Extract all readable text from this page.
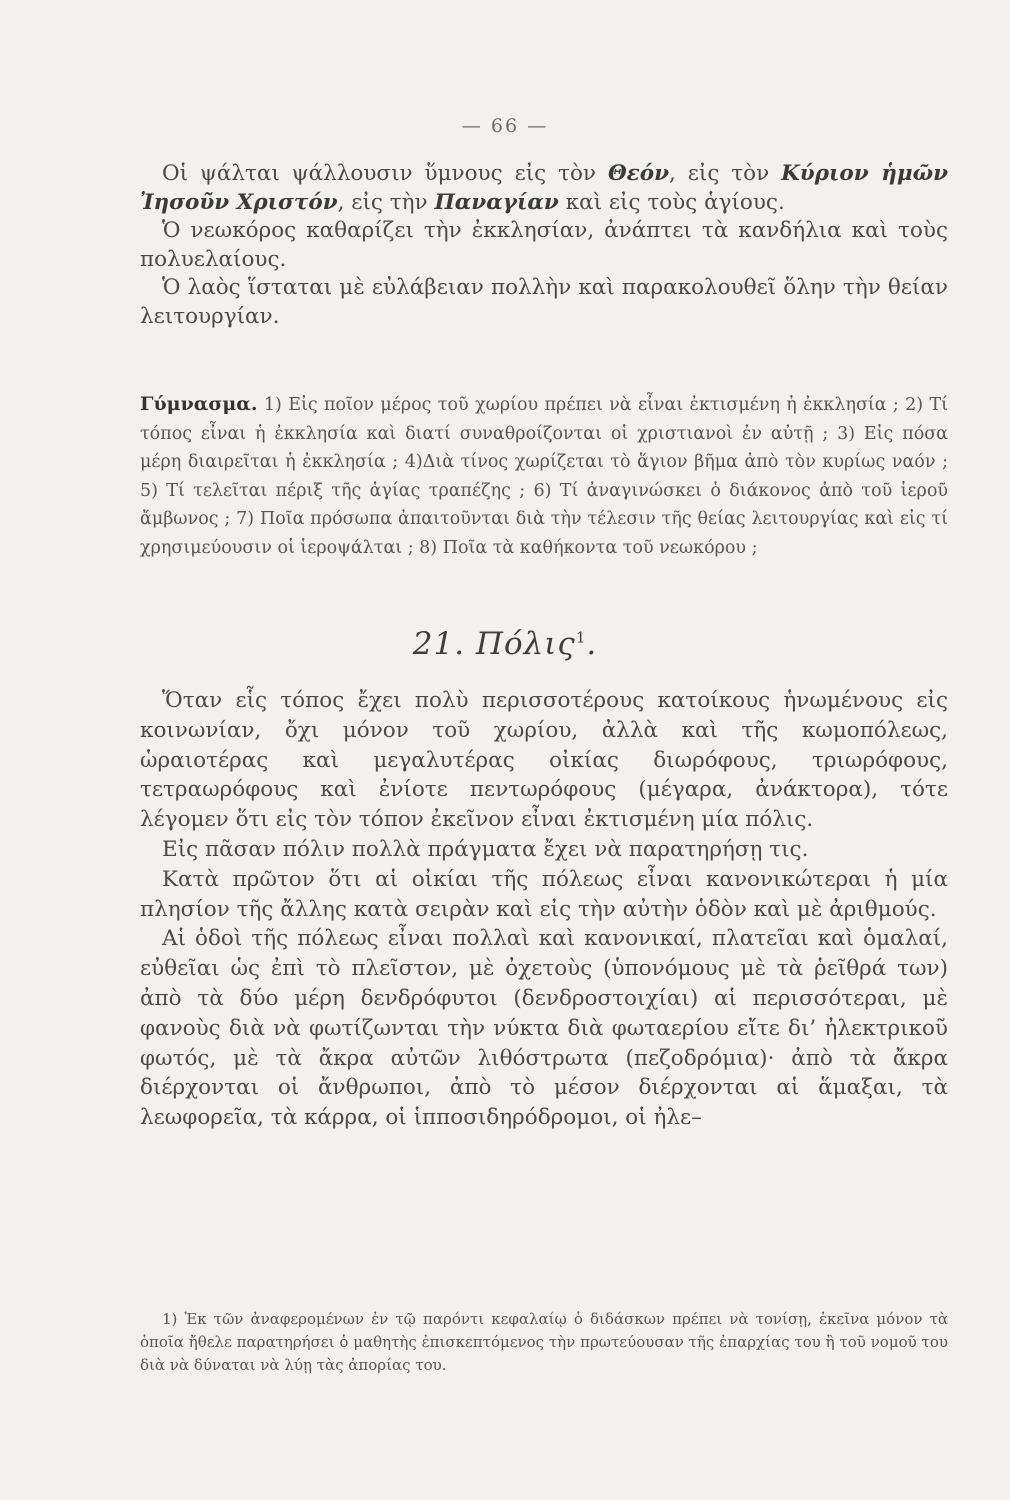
— 66 —

Οἱ ψάλται ψάλλουσιν ὕμνους εἰς τὸν Θεόν, εἰς τὸν Κύριον ἡμῶν Ἰησοῦν Χριστόν, εἰς τὴν Παναγίαν καὶ εἰς τοὺς ἁγίους.

Ὁ νεωκόρος καθαρίζει τὴν ἐκκλησίαν, ἀνάπτει τὰ κανδήλια καὶ τοὺς πολυελαίους.

Ὁ λαὸς ἵσταται μὲ εὐλάβειαν πολλὴν καὶ παρακολουθεῖ ὅλην τὴν θείαν λειτουργίαν.

Γύμνασμα. 1) Εἰς ποῖον μέρος τοῦ χωρίου πρέπει νὰ εἶναι ἐκτισμένη ἡ ἐκκλησία ; 2) Τί τόπος εἶναι ἡ ἐκκλησία καὶ διατί συναθροίζονται οἱ χριστιανοὶ ἐν αὐτῇ ; 3) Εἰς πόσα μέρη διαιρεῖται ἡ ἐκκλησία ; 4)Διὰ τίνος χωρίζεται τὸ ἅγιον βῆμα ἀπὸ τὸν κυρίως ναόν ; 5) Τί τελεῖται πέριξ τῆς ἁγίας τραπέζης ; 6) Τί ἀναγινώσκει ὁ διάκονος ἀπὸ τοῦ ἱεροῦ ἄμβωνος ; 7) Ποῖα πρόσωπα ἀπαιτοῦνται διὰ τὴν τέλεσιν τῆς θείας λειτουργίας καὶ εἰς τί χρησιμεύουσιν οἱ ἱεροψάλται ; 8) Ποῖα τὰ καθήκοντα τοῦ νεωκόρου ;

21. Πόλις$^1$.

Ὅταν εἷς τόπος ἔχει πολὺ περισσοτέρους κατοίκους ἡνωμένους εἰς κοινωνίαν, ὄχι μόνον τοῦ χωρίου, ἀλλὰ καὶ τῆς κωμοπόλεως, ὡραιοτέρας καὶ μεγαλυτέρας οἰκίας διωρόφους, τριωρόφους, τετραωρόφους καὶ ἐνίοτε πεντωρόφους (μέγαρα, ἀνάκτορα), τότε λέγομεν ὅτι εἰς τὸν τόπον ἐκεῖνον εἶναι ἐκτισμένη μία πόλις.

Εἰς πᾶσαν πόλιν πολλὰ πράγματα ἔχει νὰ παρατηρήσῃ τις.

Κατὰ πρῶτον ὅτι αἱ οἰκίαι τῆς πόλεως εἶναι κανονικώτεραι ἡ μία πλησίον τῆς ἄλλης κατὰ σειρὰν καὶ εἰς τὴν αὐτὴν ὁδὸν καὶ μὲ ἀριθμούς.

Αἱ ὁδοὶ τῆς πόλεως εἶναι πολλαὶ καὶ κανονικαί, πλατεῖαι καὶ ὁμαλαί, εὐθεῖαι ὡς ἐπὶ τὸ πλεῖστον, μὲ ὀχετοὺς (ὑπονόμους μὲ τὰ ῥεῖθρά των) ἀπὸ τὰ δύο μέρη δενδρόφυτοι (δενδροστοιχίαι) αἱ περισσότεραι, μὲ φανοὺς διὰ νὰ φωτίζωνται τὴν νύκτα διὰ φωταερίου εἴτε δι’ ἠλεκτρικοῦ φωτός, μὲ τὰ ἄκρα αὐτῶν λιθόστρωτα (πεζοδρόμια)· ἀπὸ τὰ ἄκρα διέρχονται οἱ ἄνθρωποι, ἀπὸ τὸ μέσον διέρχονται αἱ ἅμαξαι, τὰ λεωφορεῖα, τὰ κάρρα, οἱ ἱπποσιδηρόδρομοι, οἱ ἠλε–

1) Ἐκ τῶν ἀναφερομένων ἐν τῷ παρόντι κεφαλαίῳ ὁ διδάσκων πρέπει νὰ τονίσῃ, ἐκεῖνα μόνον τὰ ὁποῖα ἤθελε παρατηρήσει ὁ μαθητὴς ἐπισκεπτόμενος τὴν πρωτεύουσαν τῆς ἐπαρχίας του ἢ τοῦ νομοῦ του διὰ νὰ δύναται νὰ λύῃ τὰς ἀπορίας του.
